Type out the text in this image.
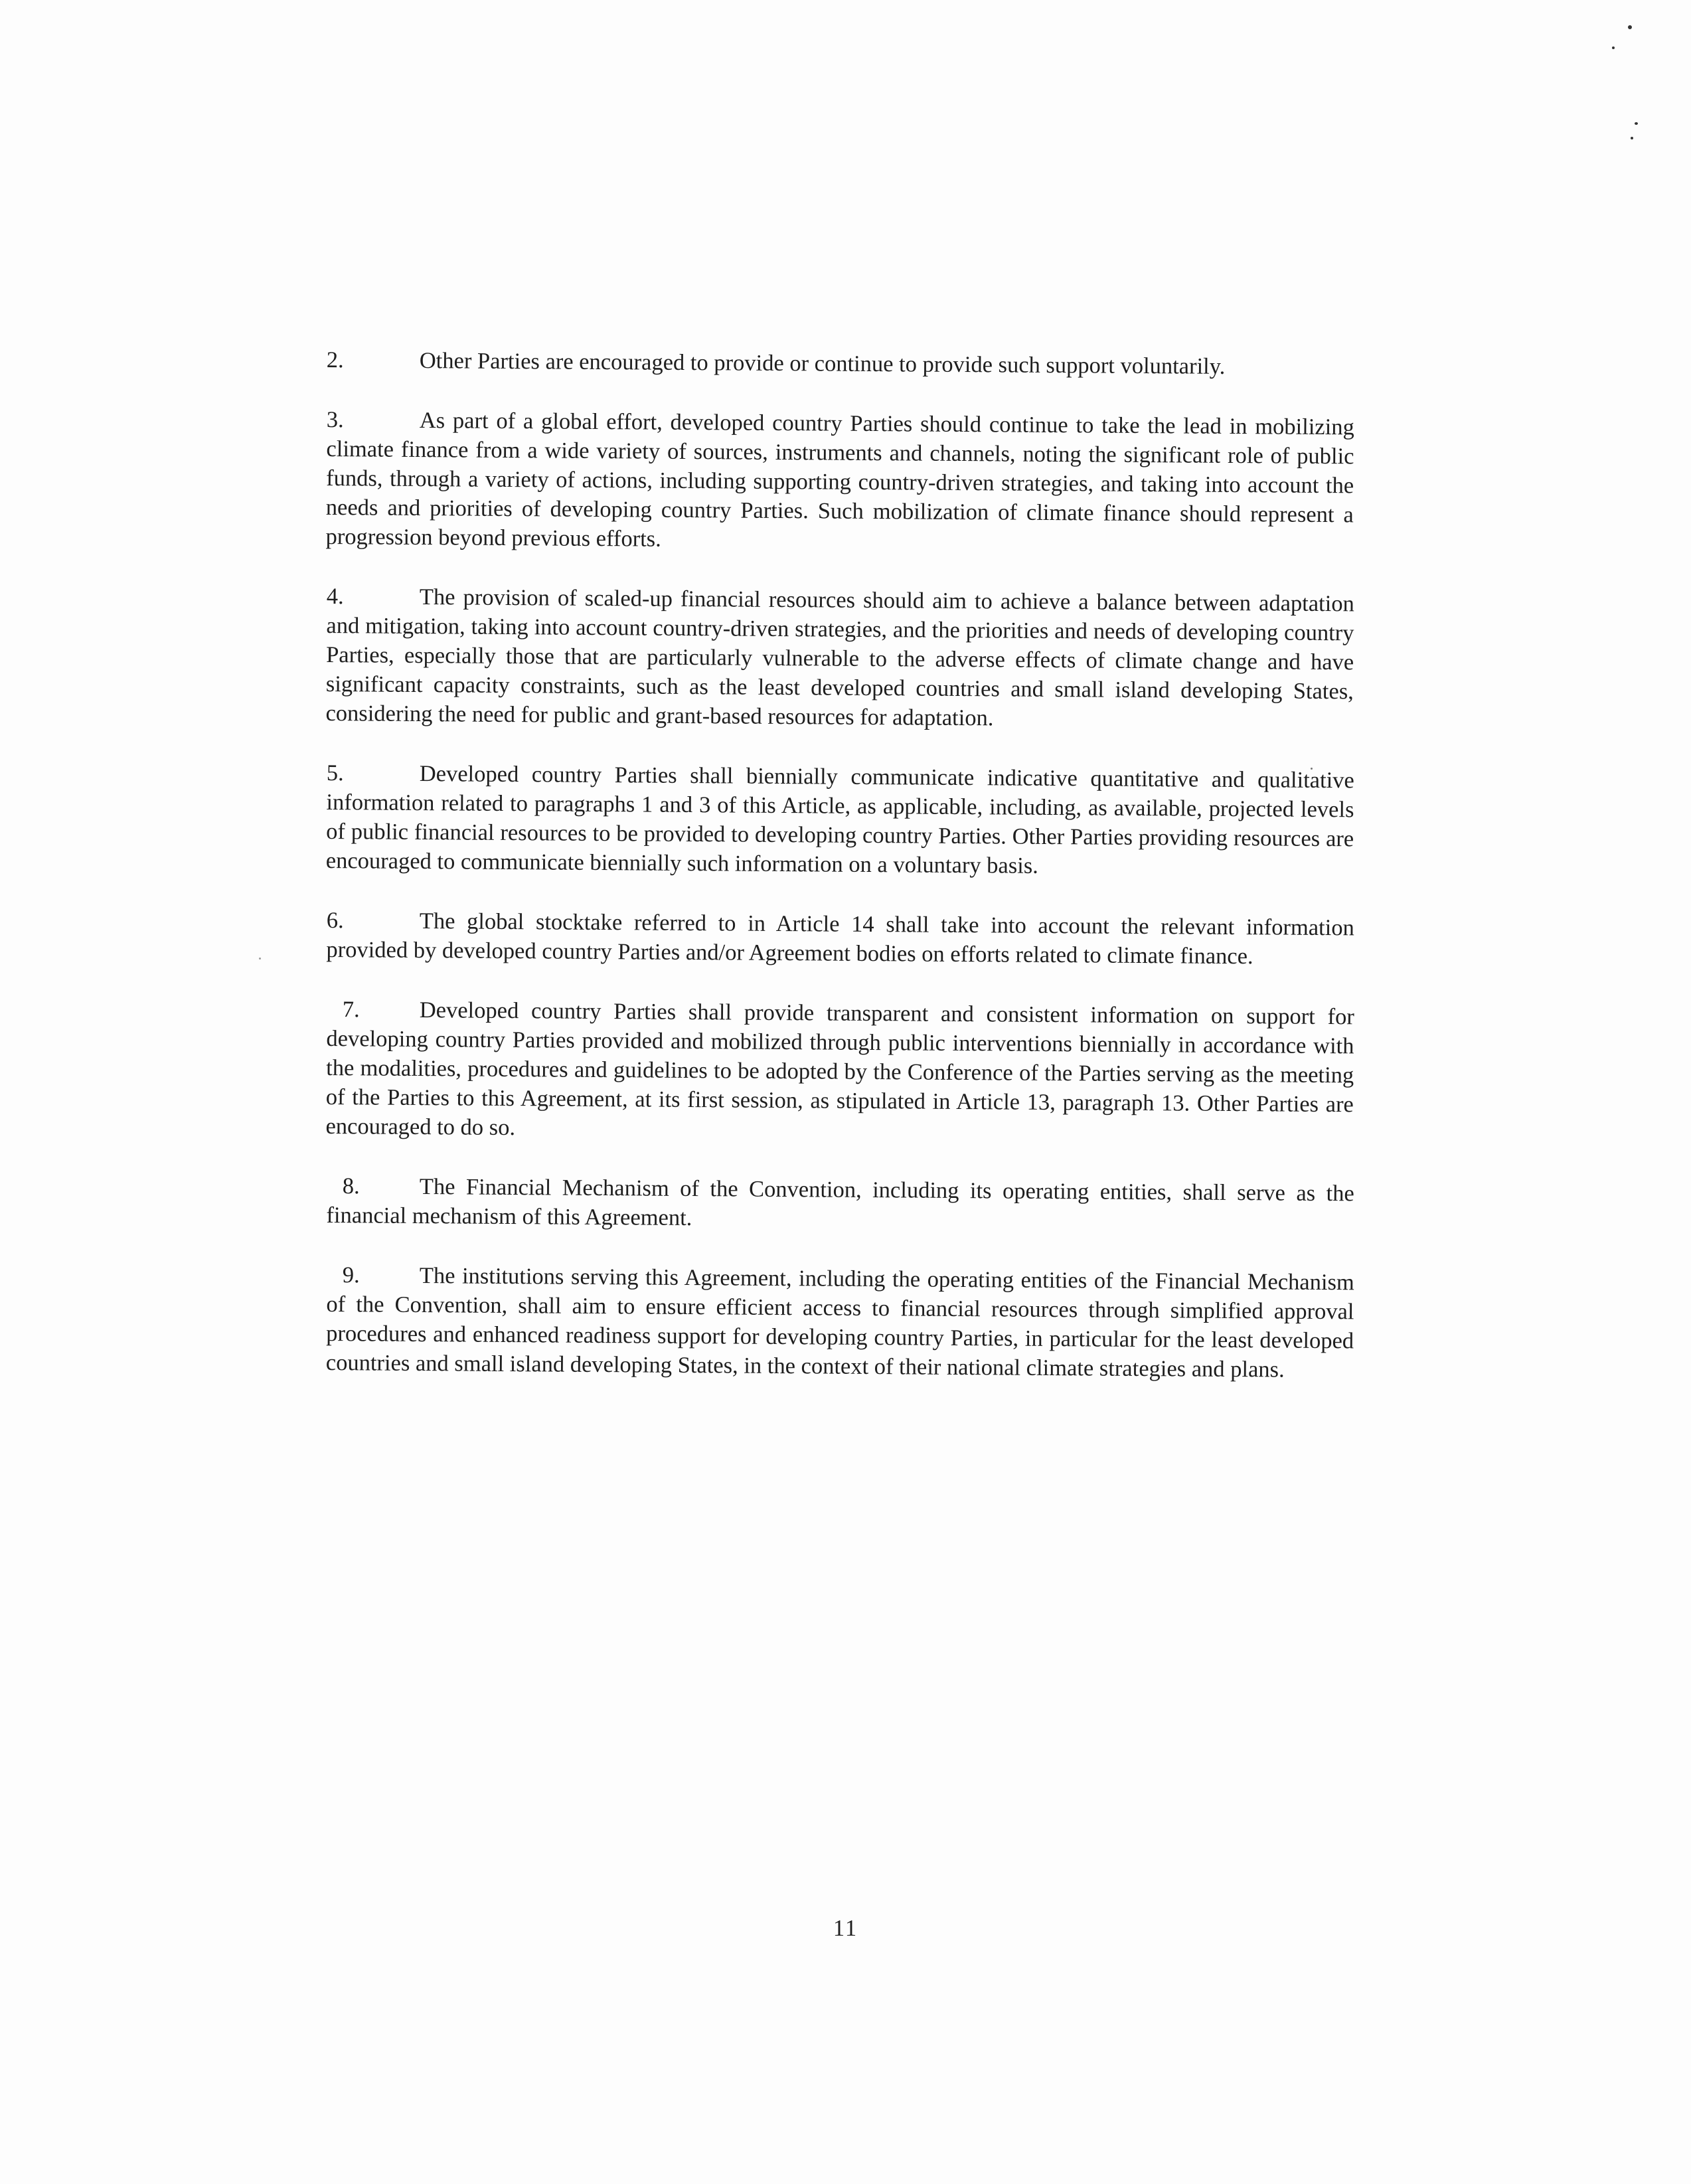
2.	Other Parties are encouraged to provide or continue to provide such support voluntarily.

3.	As part of a global effort, developed country Parties should continue to take the lead in mobilizing climate finance from a wide variety of sources, instruments and channels, noting the significant role of public funds, through a variety of actions, including supporting country-driven strategies, and taking into account the needs and priorities of developing country Parties. Such mobilization of climate finance should represent a progression beyond previous efforts.

4.	The provision of scaled-up financial resources should aim to achieve a balance between adaptation and mitigation, taking into account country-driven strategies, and the priorities and needs of developing country Parties, especially those that are particularly vulnerable to the adverse effects of climate change and have significant capacity constraints, such as the least developed countries and small island developing States, considering the need for public and grant-based resources for adaptation.

5.	Developed country Parties shall biennially communicate indicative quantitative and qualitative information related to paragraphs 1 and 3 of this Article, as applicable, including, as available, projected levels of public financial resources to be provided to developing country Parties. Other Parties providing resources are encouraged to communicate biennially such information on a voluntary basis.

6.	The global stocktake referred to in Article 14 shall take into account the relevant information provided by developed country Parties and/or Agreement bodies on efforts related to climate finance.

7.	Developed country Parties shall provide transparent and consistent information on support for developing country Parties provided and mobilized through public interventions biennially in accordance with the modalities, procedures and guidelines to be adopted by the Conference of the Parties serving as the meeting of the Parties to this Agreement, at its first session, as stipulated in Article 13, paragraph 13. Other Parties are encouraged to do so.

8.	The Financial Mechanism of the Convention, including its operating entities, shall serve as the financial mechanism of this Agreement.

9.	The institutions serving this Agreement, including the operating entities of the Financial Mechanism of the Convention, shall aim to ensure efficient access to financial resources through simplified approval procedures and enhanced readiness support for developing country Parties, in particular for the least developed countries and small island developing States, in the context of their national climate strategies and plans.

11
